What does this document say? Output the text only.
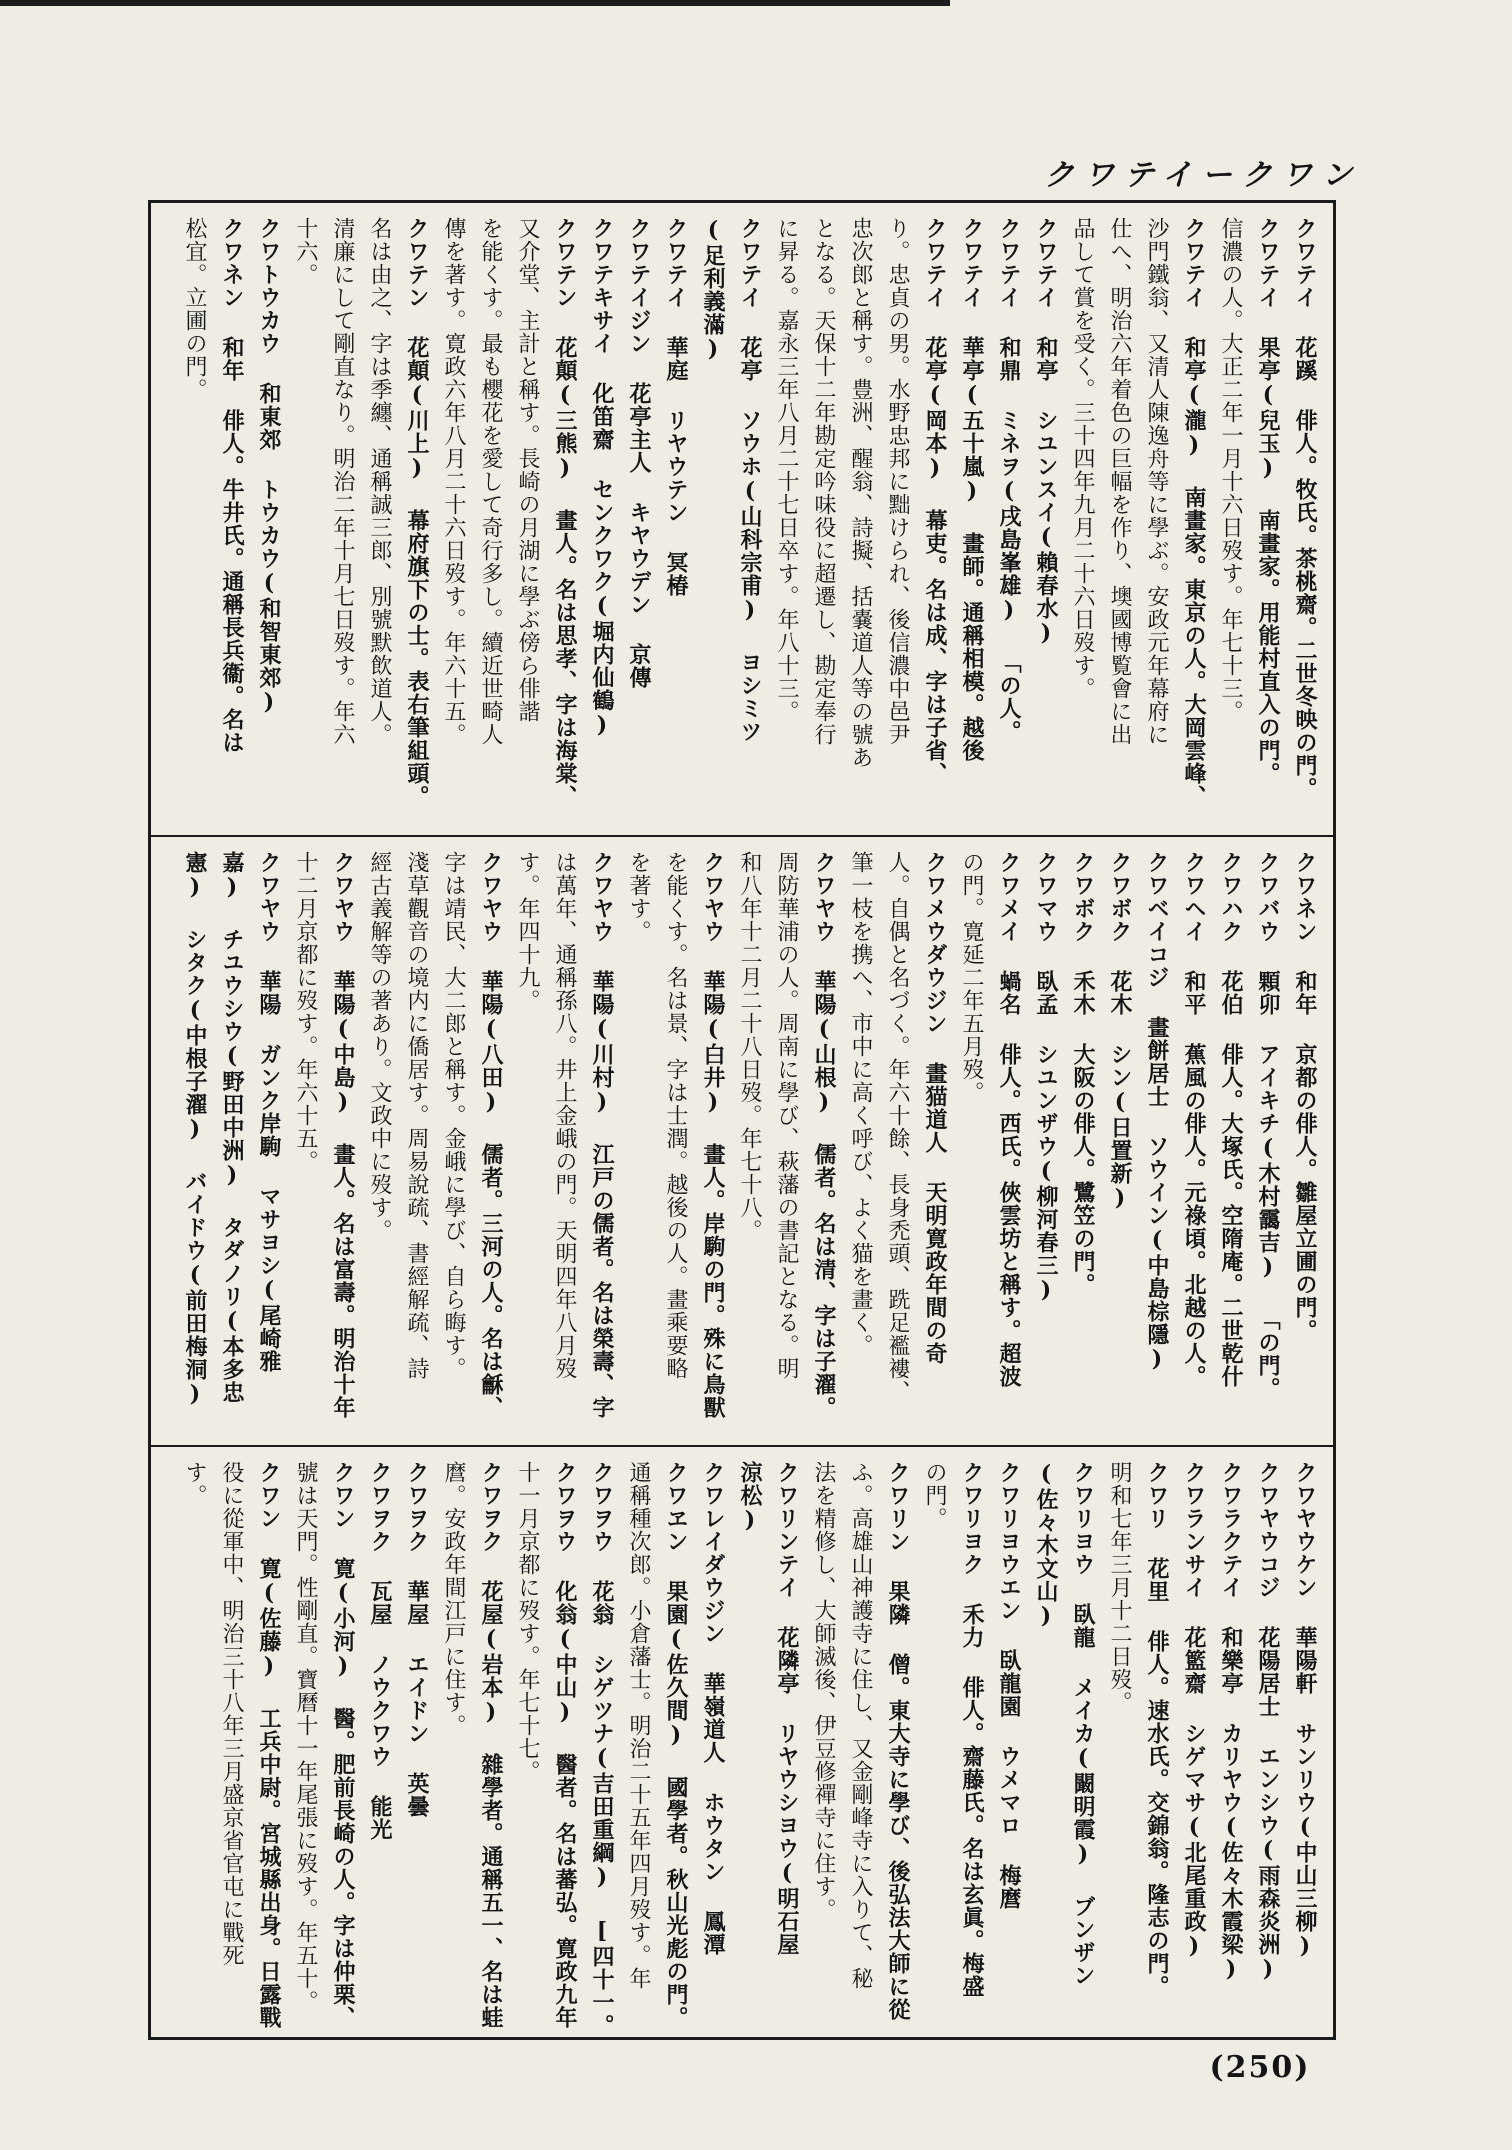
クワテイークワン
クワテイ 花蹊 俳人。牧氏。茶桃齋。二世冬映の門。
クワテイ 果亭(兒玉) 南畫家。用能村直入の門。
信濃の人。大正二年一月十六日歿す。年七十三。
クワテイ 和亭(瀧) 南畫家。東京の人。大岡雲峰、
沙門鐵翁、又清人陳逸舟等に學ぶ。安政元年幕府に
仕へ、明治六年着色の巨幅を作り、墺國博覧會に出
品して賞を受く。三十四年九月二十六日歿す。
クワテイ 和亭 シユンスイ(賴春水)
クワテイ 和鼎 ミネヲ(戌島峯雄) 「の人。
クワテイ 華亭(五十嵐) 畫師。通稱相模。越後
クワテイ 花亭(岡本) 幕吏。名は成、字は子省、
り。忠貞の男。水野忠邦に黜けられ、後信濃中邑尹
忠次郎と稱す。豊洲、醒翁、詩擬、括嚢道人等の號あ
となる。天保十二年勘定吟味役に超遷し、勘定奉行
に昇る。嘉永三年八月二十七日卒す。年八十三。
クワテイ 花亭 ソウホ(山科宗甫) ヨシミツ
(足利義滿)
クワテイ 華庭 リヤウテン 冥椿
クワテイジン 花亭主人 キヤウデン 京傳
クワテキサイ 化笛齋 センクワク(堀内仙鶴)
クワテン 花顛(三熊) 畫人。名は思孝、字は海棠、
又介堂、主計と稱す。長崎の月湖に學ぶ傍ら俳諧
を能くす。最も櫻花を愛して奇行多し。續近世畸人
傳を著す。寛政六年八月二十六日歿す。年六十五。
クワテン 花顛(川上) 幕府旗下の士。表右筆組頭。
名は由之、字は季纏、通稱誠三郎、別號默飲道人。
清廉にして剛直なり。明治二年十月七日歿す。年六
十六。
クワトウカウ 和東郊 トウカウ(和智東郊)
クワネン 和年 俳人。牛井氏。通稱長兵衞。名は
松宜。立圃の門。
クワネン 和年 京都の俳人。雛屋立圃の門。
クワバウ 顆卯 アイキチ(木村靄吉) 「の門。
クワハク 花伯 俳人。大塚氏。空隋庵。二世乾什
クワヘイ 和平 蕉風の俳人。元祿頃。北越の人。
クワベイコジ 畫餅居士 ソウイン(中島棕隱)
クワボク 花木 シン(日置新)
クワボク 禾木 大阪の俳人。鷺笠の門。
クワマウ 臥孟 シユンザウ(柳河春三)
クワメイ 蝸名 俳人。西氏。俠雲坊と稱す。超波
の門。寛延二年五月歿。
クワメウダウジン 畫猫道人 天明寛政年間の奇
人。自偶と名づく。年六十餘、長身禿頭、跣足襤褸、
筆一枝を携へ、市中に高く呼び、よく猫を畫く。
クワヤウ 華陽(山根) 儒者。名は清、字は子濯。
周防華浦の人。周南に學び、萩藩の書記となる。明
和八年十二月二十八日歿。年七十八。
クワヤウ 華陽(白井) 畫人。岸駒の門。殊に鳥獸
を能くす。名は景、字は士潤。越後の人。畫乘要略
を著す。
クワヤウ 華陽(川村) 江戸の儒者。名は榮壽、字
は萬年、通稱孫八。井上金峨の門。天明四年八月歿
す。年四十九。
クワヤウ 華陽(八田) 儒者。三河の人。名は龢、
字は靖民、大二郎と稱す。金峨に學び、自ら晦す。
淺草觀音の境内に僑居す。周易說疏、書經解疏、詩
經古義解等の著あり。文政中に歿す。
クワヤウ 華陽(中島) 畫人。名は富壽。明治十年
十二月京都に歿す。年六十五。
クワヤウ 華陽 ガンク岸駒 マサヨシ(尾崎雅
嘉) チユウシウ(野田中洲) タダノリ(本多忠
憲) シタク(中根子濯) バイドウ(前田梅洞)
クワヤウケン 華陽軒 サンリウ(中山三柳)
クワヤウコジ 花陽居士 エンシウ(雨森炎洲)
クワラクテイ 和樂亭 カリヤウ(佐々木霞梁)
クワランサイ 花籃齋 シゲマサ(北尾重政)
クワリ 花里 俳人。速水氏。交錦翁。隆志の門。
明和七年三月十二日歿。
クワリヨウ 臥龍 メイカ(闞明霞) ブンザン
(佐々木文山)
クワリヨウエン 臥龍園 ウメマロ 梅麿
クワリヨク 禾力 俳人。齋藤氏。名は玄眞。梅盛
の門。
クワリン 果隣 僧。東大寺に學び、後弘法大師に從
ふ。高雄山神護寺に住し、又金剛峰寺に入りて、秘
法を精修し、大師滅後、伊豆修禪寺に住す。
クワリンテイ 花隣亭 リヤウシヨウ(明石屋
涼松)
クワレイダウジン 華嶺道人 ホウタン 鳳潭
クワヱン 果園(佐久間) 國學者。秋山光彪の門。
通稱種次郎。小倉藩士。明治二十五年四月歿す。年
クワヲウ 花翁 シゲツナ(吉田重綱) [四十一。
クワヲウ 化翁(中山) 醫者。名は蕃弘。寛政九年
十一月京都に歿す。年七十七。
クワヲク 花屋(岩本) 雜學者。通稱五一、名は蛙
麿。安政年間江戸に住す。
クワヲク 華屋 エイドン 英曇
クワヲク 瓦屋 ノウクワウ 能光
クワン 寛(小河) 醫。肥前長崎の人。字は仲栗、
號は天門。性剛直。寶曆十一年尾張に歿す。年五十。
クワン 寛(佐藤) 工兵中尉。宮城縣出身。日露戰
役に從軍中、明治三十八年三月盛京省官屯に戰死
す。
(250)
